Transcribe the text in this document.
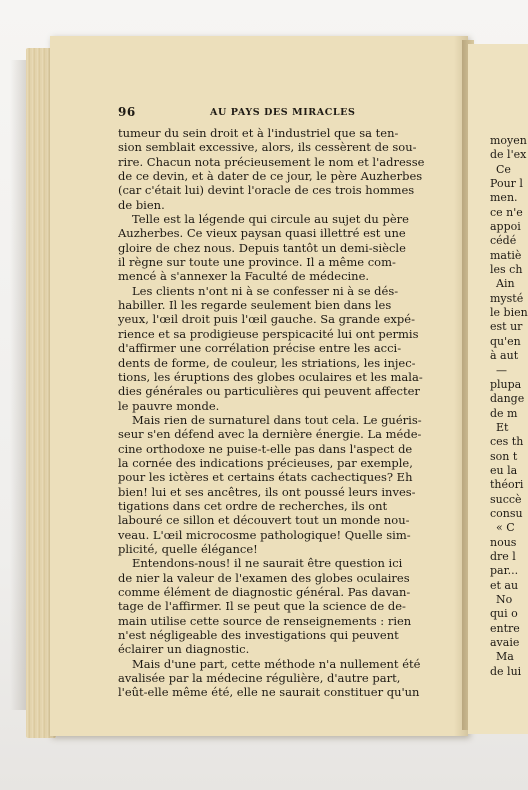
96	AU PAYS DES MIRACLES

tumeur du sein droit et à l'industriel que sa ten-

sion semblait excessive, alors, ils cessèrent de sou-

rire. Chacun nota précieusement le nom et l'adresse

de ce devin, et à dater de ce jour, le père Auzherbes

(car c'était lui) devint l'oracle de ces trois hommes

de bien.

Telle est la légende qui circule au sujet du père

Auzherbes. Ce vieux paysan quasi illettré est une

gloire de chez nous. Depuis tantôt un demi-siècle

il règne sur toute une province. Il a même com-

mencé à s'annexer la Faculté de médecine.

Les clients n'ont ni à se confesser ni à se dés-

habiller. Il les regarde seulement bien dans les

yeux, l'œil droit puis l'œil gauche. Sa grande expé-

rience et sa prodigieuse perspicacité lui ont permis

d'affirmer une corrélation précise entre les acci-

dents de forme, de couleur, les striations, les injec-

tions, les éruptions des globes oculaires et les mala-

dies générales ou particulières qui peuvent affecter

le pauvre monde.

Mais rien de surnaturel dans tout cela. Le guéris-

seur s'en défend avec la dernière énergie. La méde-

cine orthodoxe ne puise-t-elle pas dans l'aspect de

la cornée des indications précieuses, par exemple,

pour les ictères et certains états cachectiques? Eh

bien! lui et ses ancêtres, ils ont poussé leurs inves-

tigations dans cet ordre de recherches, ils ont

labouré ce sillon et découvert tout un monde nou-

veau. L'œil microcosme pathologique! Quelle sim-

plicité, quelle élégance!

Entendons-nous! il ne saurait être question ici

de nier la valeur de l'examen des globes oculaires

comme élément de diagnostic général. Pas davan-

tage de l'affirmer. Il se peut que la science de de-

main utilise cette source de renseignements : rien

n'est négligeable des investigations qui peuvent

éclairer un diagnostic.

Mais d'une part, cette méthode n'a nullement été

avalisée par la médecine régulière, d'autre part,

l'eût-elle même été, elle ne saurait constituer qu'un

moyen

de l'ex

Ce

Pour l

men.

ce n'e

appoi

cédé

matiè

les ch

Ain

mysté

le bien

est ur

qu'en

à aut

—

plupa

dange

de m

Et

ces th

son t

eu la

théori

succè

consu

« C

nous

dre l

par...

et au

No

qui o

entre

avaie

Ma

de lui
